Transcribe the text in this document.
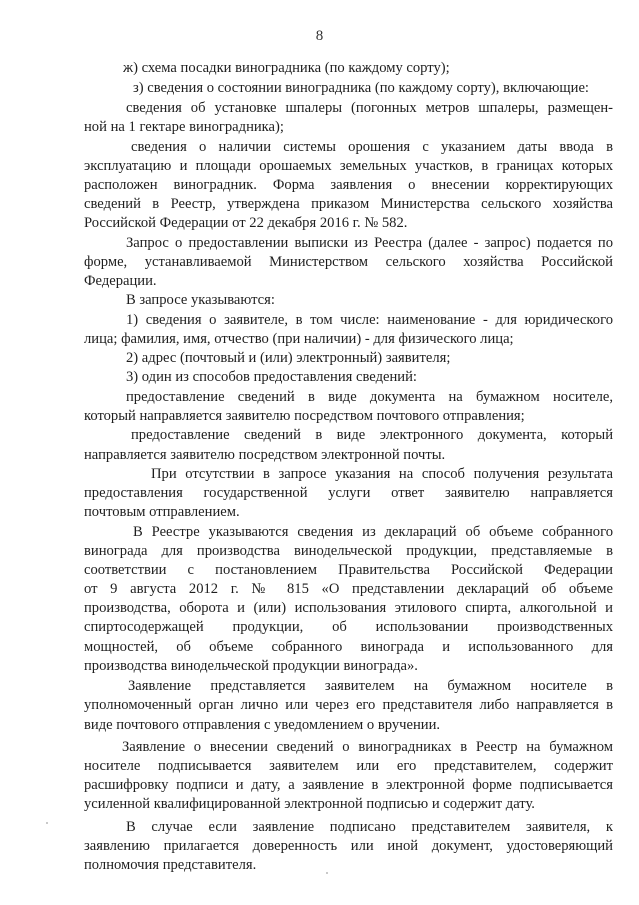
8

ж) схема посадки виноградника (по каждому сорту);

з) сведения о состоянии виноградника (по каждому сорту), включающие:

сведения об установке шпалеры (погонных метров шпалеры, размещен-

ной на 1 гектаре виноградника);

сведения о наличии системы орошения с указанием даты ввода в

эксплуатацию и площади орошаемых земельных участков, в границах которых

расположен виноградник. Форма заявления о внесении корректирующих

сведений в Реестр, утверждена приказом Министерства сельского хозяйства

Российской Федерации от 22 декабря 2016 г. № 582.

Запрос о предоставлении выписки из Реестра (далее - запрос) подается по

форме, устанавливаемой Министерством сельского хозяйства Российской

Федерации.

В запросе указываются:

1) сведения о заявителе, в том числе: наименование - для юридического

лица; фамилия, имя, отчество (при наличии) - для физического лица;

2) адрес (почтовый и (или) электронный) заявителя;

3) один из способов предоставления сведений:

предоставление сведений в виде документа на бумажном носителе,

который направляется заявителю посредством почтового отправления;

предоставление сведений в виде электронного документа, который

направляется заявителю посредством электронной почты.

При отсутствии в запросе указания на способ получения результата

предоставления государственной услуги ответ заявителю направляется

почтовым отправлением.

В Реестре указываются сведения из деклараций об объеме собранного

винограда для производства винодельческой продукции, представляемые в

соответствии с постановлением Правительства Российской Федерации

от 9 августа 2012 г. № 815 «О представлении деклараций об объеме

производства, оборота и (или) использования этилового спирта, алкогольной и

спиртосодержащей продукции, об использовании производственных

мощностей, об объеме собранного винограда и использованного для

производства винодельческой продукции винограда».

Заявление представляется заявителем на бумажном носителе в

уполномоченный орган лично или через его представителя либо направляется в

виде почтового отправления с уведомлением о вручении.

Заявление о внесении сведений о виноградниках в Реестр на бумажном

носителе подписывается заявителем или его представителем, содержит

расшифровку подписи и дату, а заявление в электронной форме подписывается

усиленной квалифицированной электронной подписью и содержит дату.

В случае если заявление подписано представителем заявителя, к

заявлению прилагается доверенность или иной документ, удостоверяющий

полномочия представителя.
